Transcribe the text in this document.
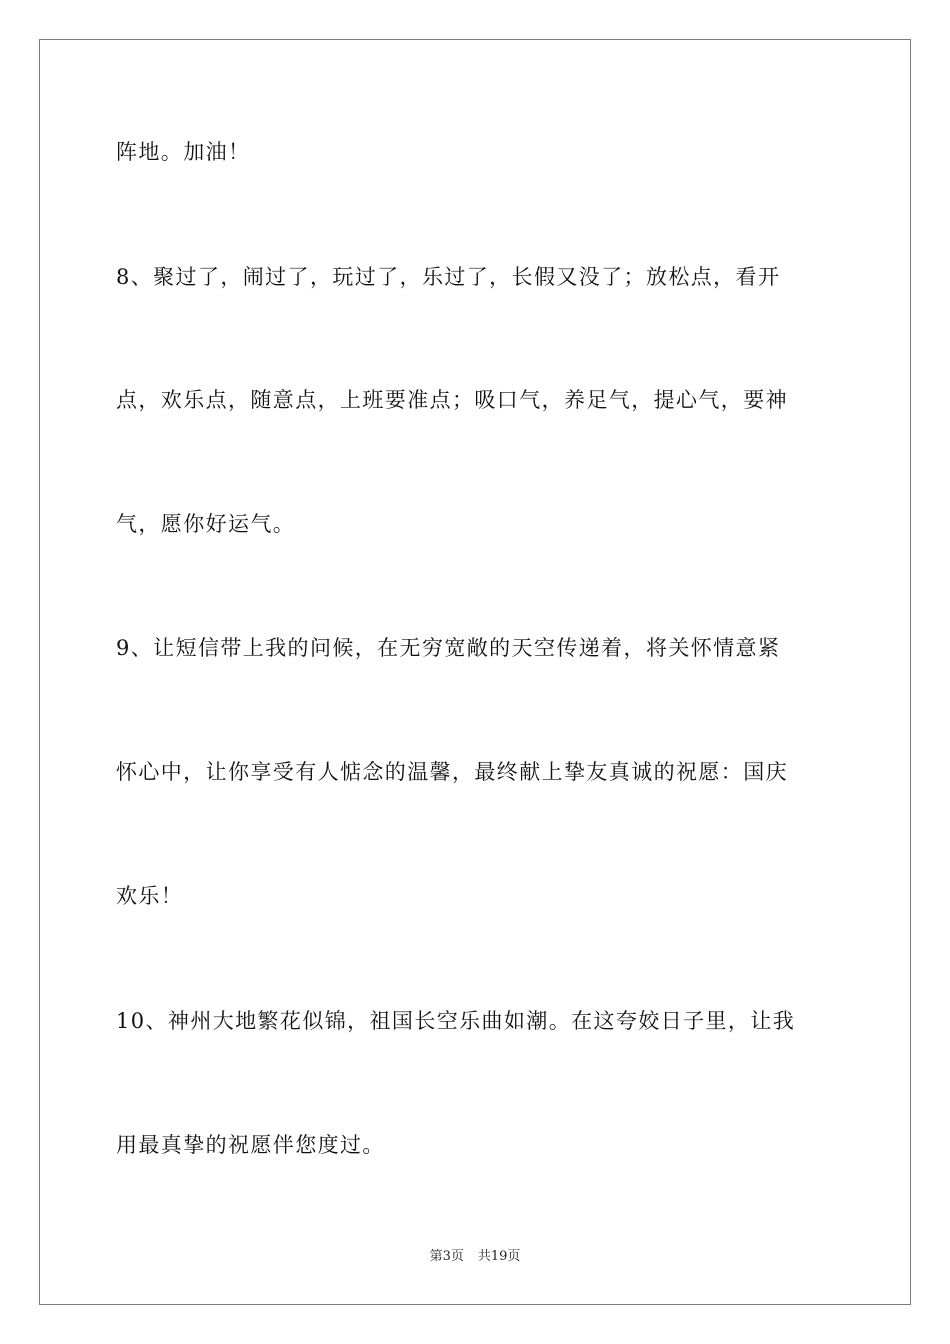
阵地。加油！
8、聚过了，闹过了，玩过了，乐过了，长假又没了；放松点，看开
点，欢乐点，随意点，上班要准点；吸口气，养足气，提心气，要神
气，愿你好运气。
9、让短信带上我的问候，在无穷宽敞的天空传递着，将关怀情意紧
怀心中，让你享受有人惦念的温馨，最终献上挚友真诚的祝愿：国庆
欢乐！
10、神州大地繁花似锦，祖国长空乐曲如潮。在这夸姣日子里，让我
用最真挚的祝愿伴您度过。
第3页 共19页
